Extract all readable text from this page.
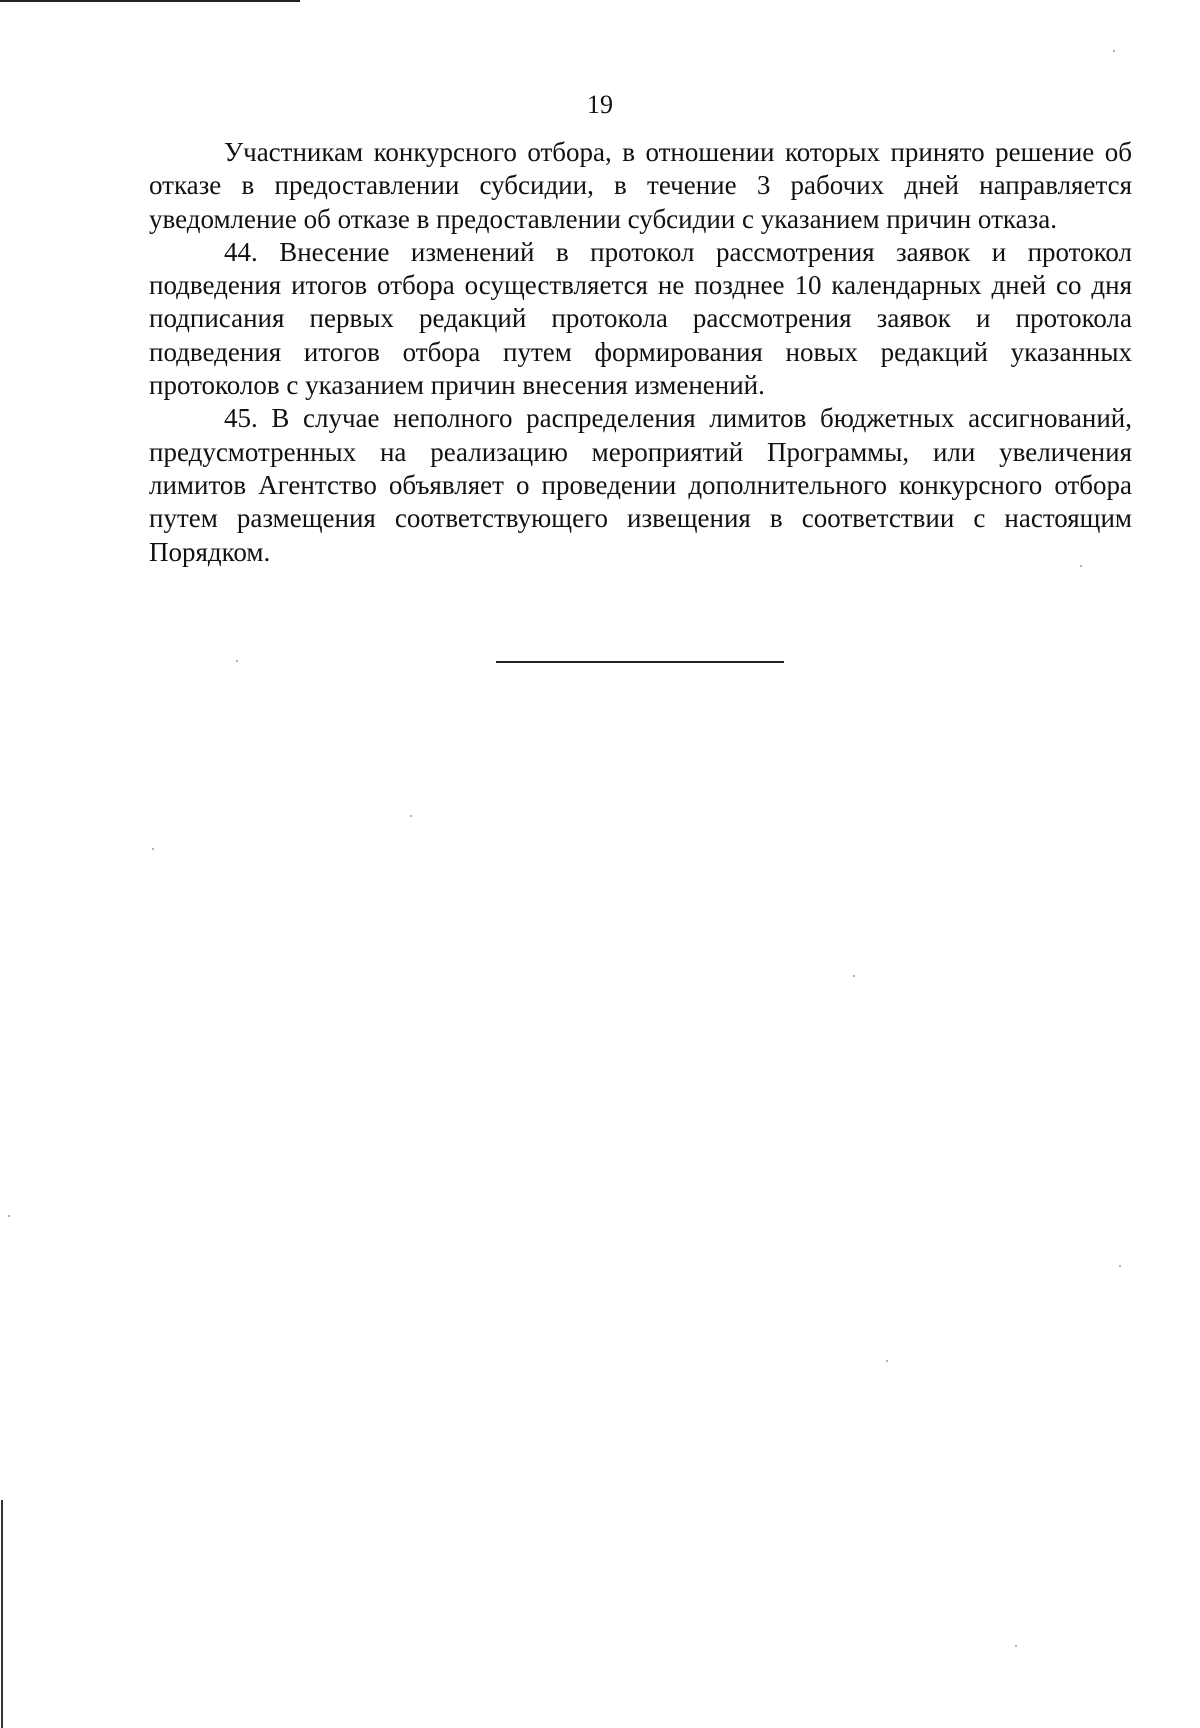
19

Участникам конкурсного отбора, в отношении которых принято решение об отказе в предоставлении субсидии, в течение 3 рабочих дней направляется уведомление об отказе в предоставлении субсидии с указанием причин отказа.

44. Внесение изменений в протокол рассмотрения заявок и протокол подведения итогов отбора осуществляется не позднее 10 календарных дней со дня подписания первых редакций протокола рассмотрения заявок и протокола подведения итогов отбора путем формирования новых редакций указанных протоколов с указанием причин внесения изменений.

45. В случае неполного распределения лимитов бюджетных ассигнований, предусмотренных на реализацию мероприятий Программы, или увеличения лимитов Агентство объявляет о проведении дополнительного конкурсного отбора путем размещения соответствующего извещения в соответствии с настоящим Порядком.
